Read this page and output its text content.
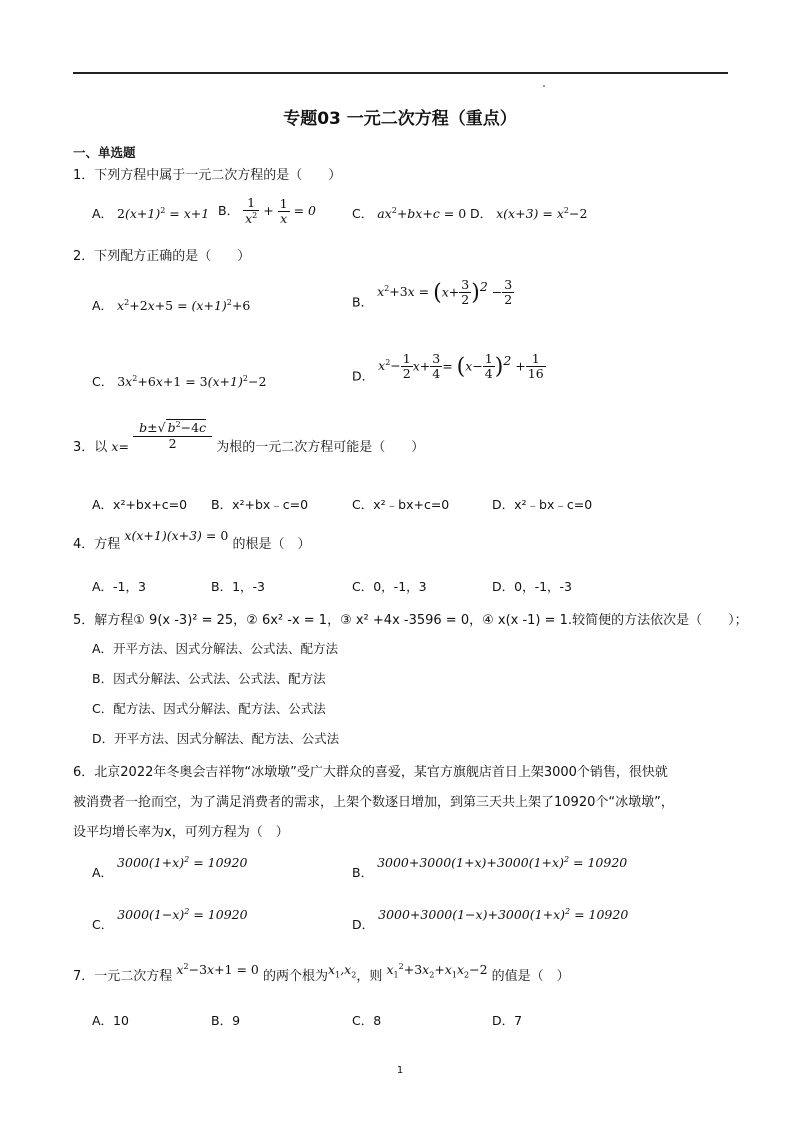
专题03 一元二次方程（重点）
一、单选题
1．下列方程中属于一元二次方程的是（　　）
A． $2(x+1)^2 = x+1$ B． $\frac{1}{x^2} + \frac{1}{x} = 0$	C． $ax^2+bx+c = 0$ D． $x(x+3) = x^2-2$
2．下列配方正确的是（　　）
A． $x^2+2x+5 = (x+1)^2+6$	B． $x^2+3x = (x+ \frac{3}{2} )^2 - \frac{3}{2}$
C． $3x^2+6x+1 = 3(x+1)^2-2$	D． $x^2- \frac{1}{2} x+ \frac{3}{4} = (x- \frac{1}{4} )^2 + \frac{1}{16}$
3．以 $x= \frac{b\pm√ b^2-4c}{2}$ 为根的一元二次方程可能是（　　）
A．x²+bx+c=0 B．x²+bx﹣c=0	C．x²﹣bx+c=0	D．x²﹣bx﹣c=0
4．方程 x(x+1)(x+3) = 0 的根是（　）
A．-1，3	B．1，-3	C．0，-1，3	D．0，-1，-3
5．解方程① 9(x -3)² = 25，② 6x² -x = 1，③ x² +4x -3596 = 0，④ x(x -1) = 1.较简便的方法依次是（　　）；
A．开平方法、因式分解法、公式法、配方法
B．因式分解法、公式法、公式法、配方法
C．配方法、因式分解法、配方法、公式法
D．开平方法、因式分解法、配方法、公式法
6．北京2022年冬奥会吉祥物“冰墩墩”受广大群众的喜爱，某官方旗舰店首日上架3000个销售，很快就
被消费者一抢而空，为了满足消费者的需求，上架个数逐日增加，到第三天共上架了10920个“冰墩墩”，
设平均增长率为x，可列方程为（　）
A． $3000(1+x)^2 = 10920$
B． $3000+3000(1+x)+3000(1+x)^2 = 10920$
C． $3000(1-x)^2 = 10920$
D． $3000+3000(1-x)+3000(1+x)^2 = 10920$
7．一元二次方程 $x^2-3x+1 = 0$ 的两个根为$x_1,x_2$，则 $x_1^2+3x_2+x_1x_2-2$ 的值是（　）
A．10	B．9	C．8	D．7
1
